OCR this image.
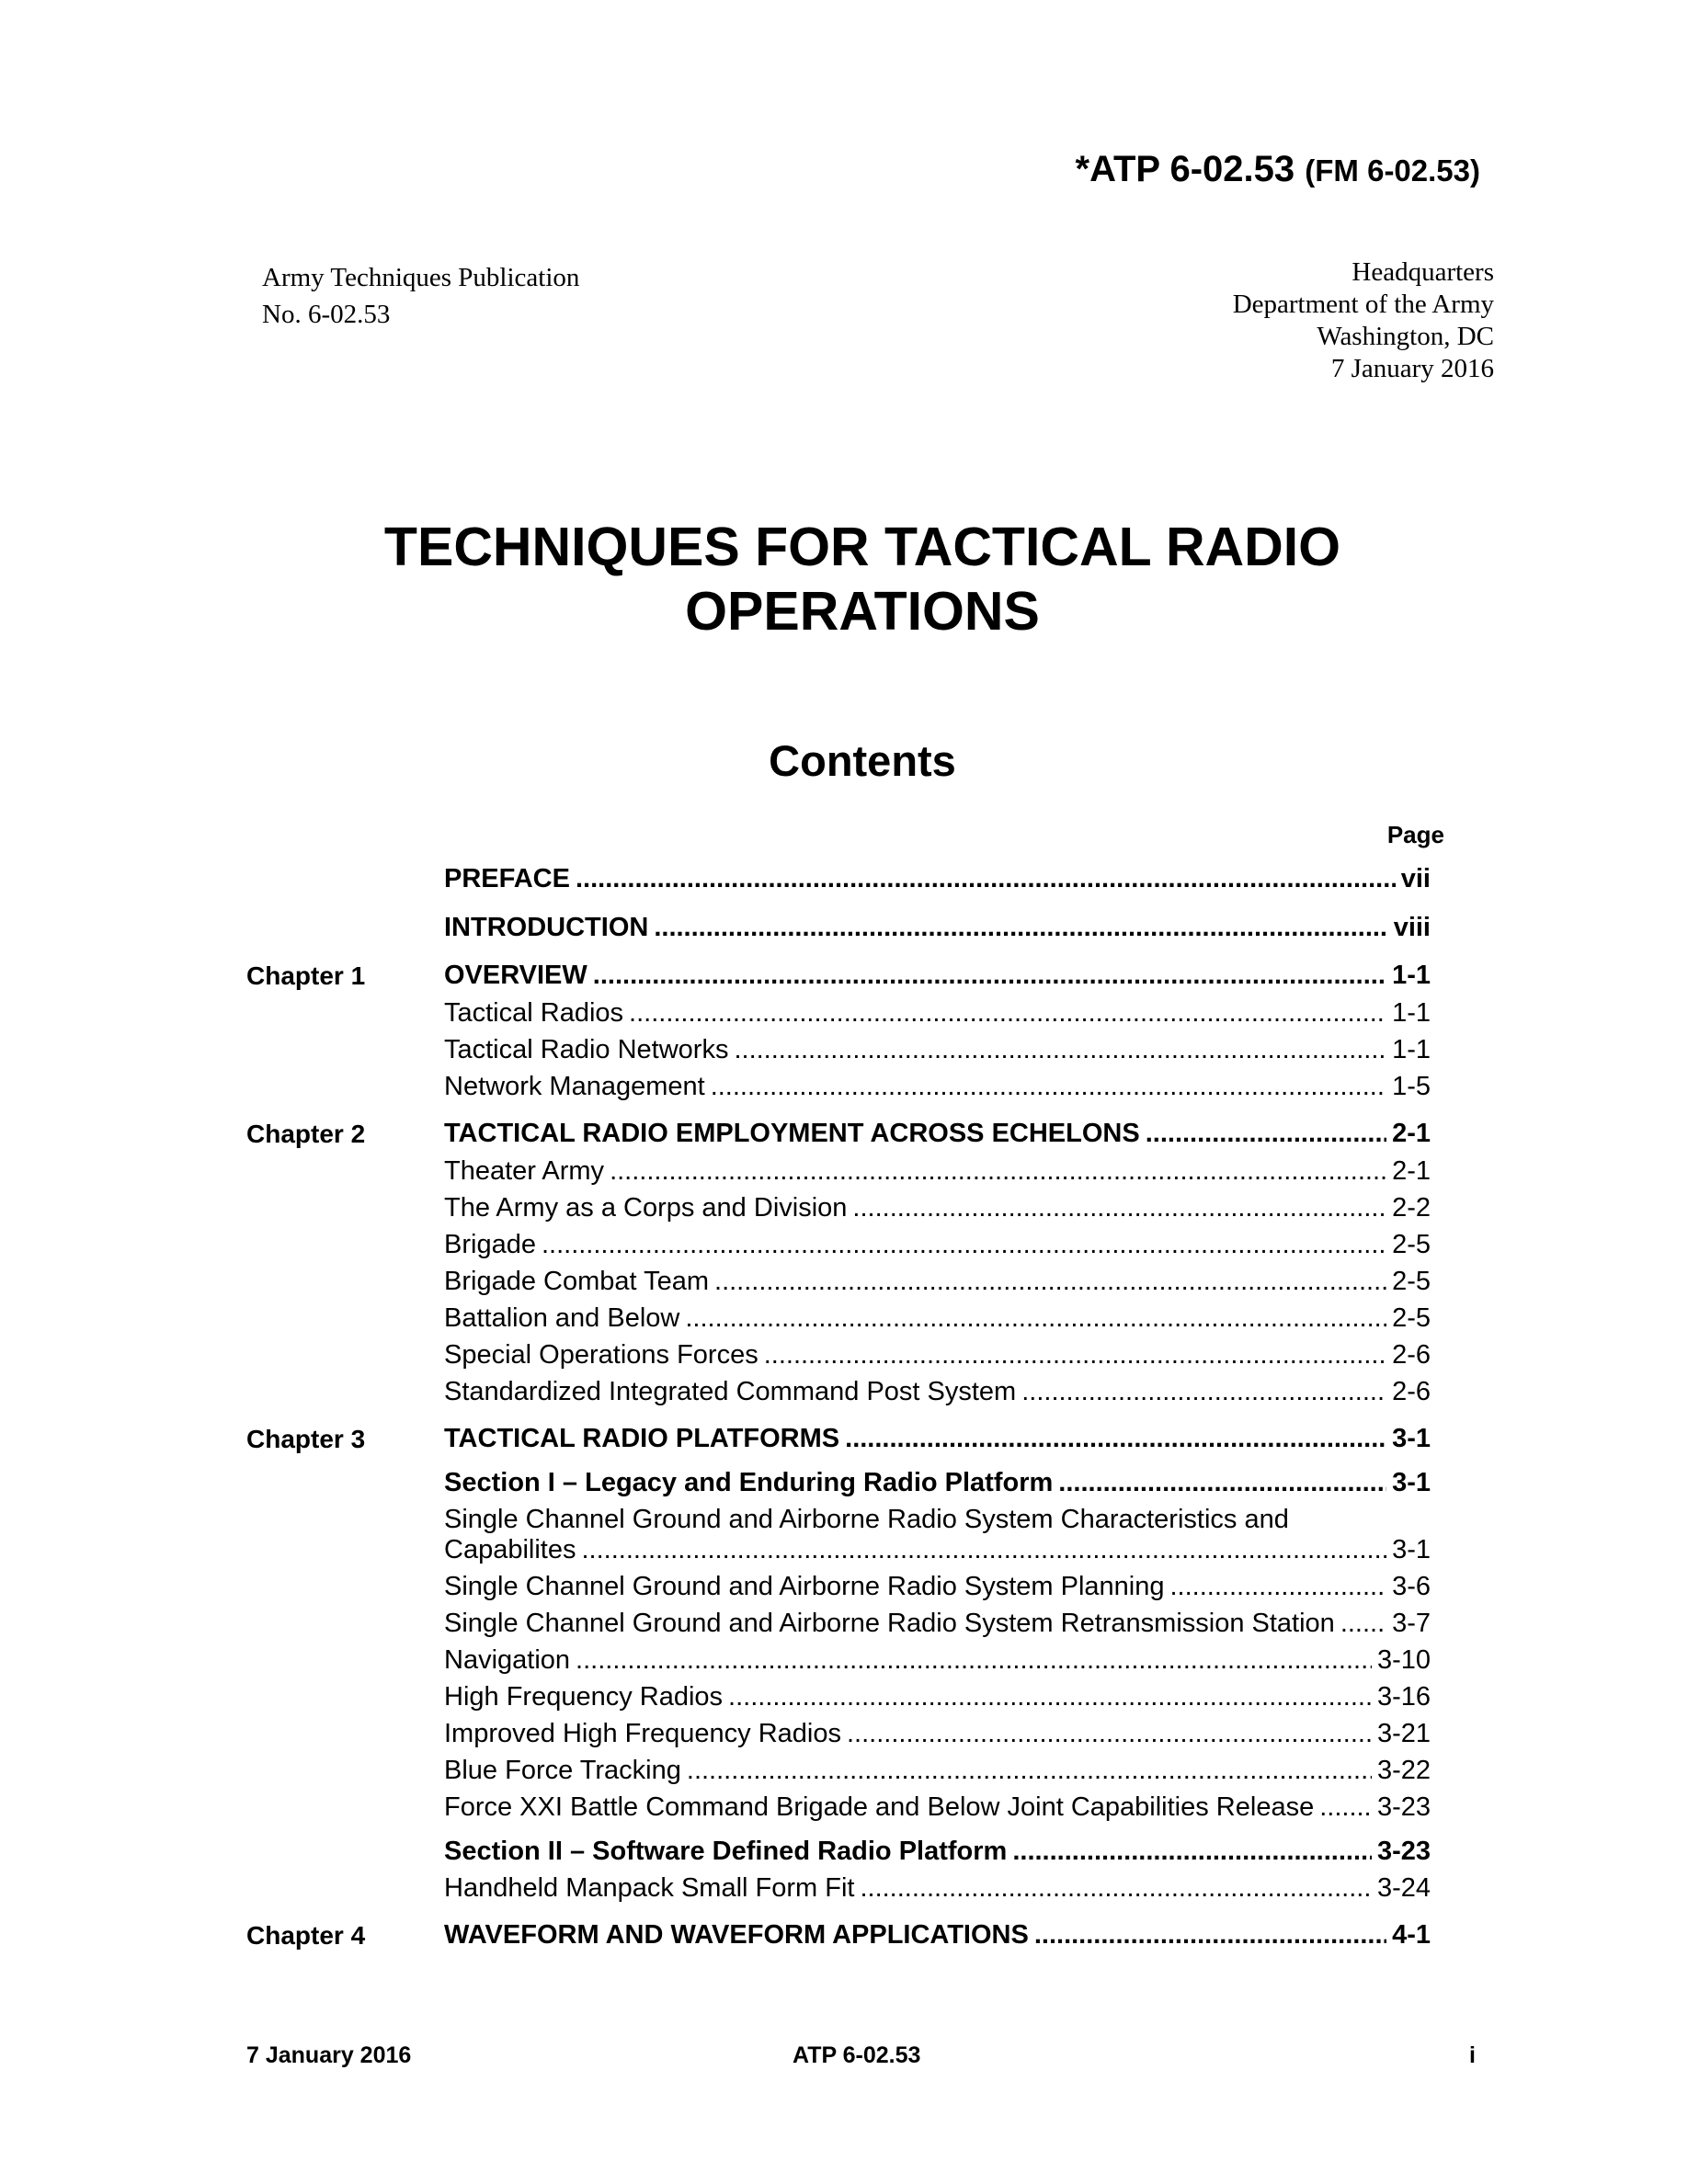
*ATP 6-02.53 (FM 6-02.53)
Army Techniques Publication
No. 6-02.53
Headquarters
Department of the Army
Washington, DC
7 January 2016
TECHNIQUES FOR TACTICAL RADIO
OPERATIONS
Contents
Page
PREFACE .....	vii
INTRODUCTION .....	viii
Chapter 1	OVERVIEW .....	1-1
Tactical Radios .....	1-1
Tactical Radio Networks .....	1-1
Network Management .....	1-5
Chapter 2	TACTICAL RADIO EMPLOYMENT ACROSS ECHELONS .....	2-1
Theater Army .....	2-1
The Army as a Corps and Division .....	2-2
Brigade .....	2-5
Brigade Combat Team .....	2-5
Battalion and Below .....	2-5
Special Operations Forces .....	2-6
Standardized Integrated Command Post System .....	2-6
Chapter 3	TACTICAL RADIO PLATFORMS .....	3-1
Section I – Legacy and Enduring Radio Platform .....	3-1
Single Channel Ground and Airborne Radio System Characteristics and
Capabilites .....	3-1
Single Channel Ground and Airborne Radio System Planning .....	3-6
Single Channel Ground and Airborne Radio System Retransmission Station ..... 3-7
Navigation .....	3-10
High Frequency Radios .....	3-16
Improved High Frequency Radios .....	3-21
Blue Force Tracking .....	3-22
Force XXI Battle Command Brigade and Below Joint Capabilities Release ..... 3-23
Section II – Software Defined Radio Platform .....	3-23
Handheld Manpack Small Form Fit .....	3-24
Chapter 4	WAVEFORM AND WAVEFORM APPLICATIONS .....	4-1
7 January 2016	ATP 6-02.53	i
